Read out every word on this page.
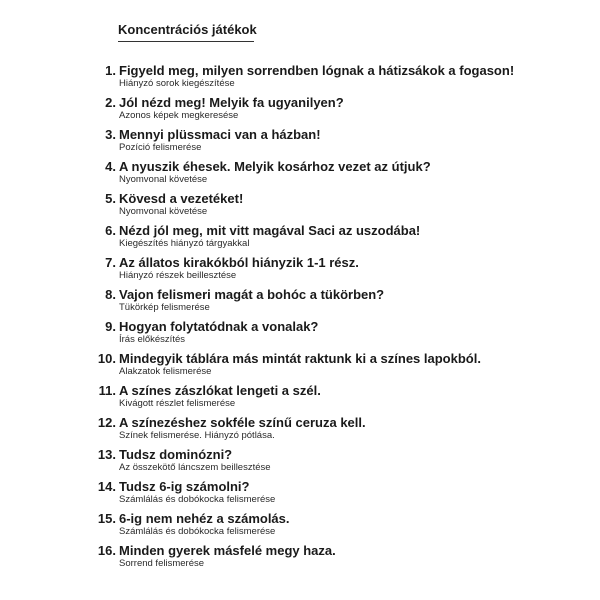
Koncentrációs játékok
1. Figyeld meg, milyen sorrendben lógnak a hátizsákok a fogason!
Hiányzó sorok kiegészítése
2. Jól nézd meg! Melyik fa ugyanilyen?
Azonos képek megkeresése
3. Mennyi plüssmaci van a házban!
Pozíció felismerése
4. A nyuszik éhesek. Melyik kosárhoz vezet az útjuk?
Nyomvonal követése
5. Kövesd a vezetéket!
Nyomvonal követése
6. Nézd jól meg, mit vitt magával Saci az uszodába!
Kiegészítés hiányzó tárgyakkal
7. Az állatos kirakókból hiányzik 1-1 rész.
Hiányzó részek beillesztése
8. Vajon felismeri magát a bohóc a tükörben?
Tükörkép felismerése
9. Hogyan folytatódnak a vonalak?
Írás előkészítés
10. Mindegyik táblára más mintát raktunk ki a színes lapokból.
Alakzatok felismerése
11. A színes zászlókat lengeti a szél.
Kivágott részlet felismerése
12. A színezéshez sokféle színű ceruza kell.
Színek felismerése. Hiányzó pótlása.
13. Tudsz dominózni?
Az összekötő láncszem beillesztése
14. Tudsz 6-ig számolni?
Számlálás és dobókocka felismerése
15. 6-ig nem nehéz a számolás.
Számlálás és dobókocka felismerése
16. Minden gyerek másfelé megy haza.
Sorrend felismerése
